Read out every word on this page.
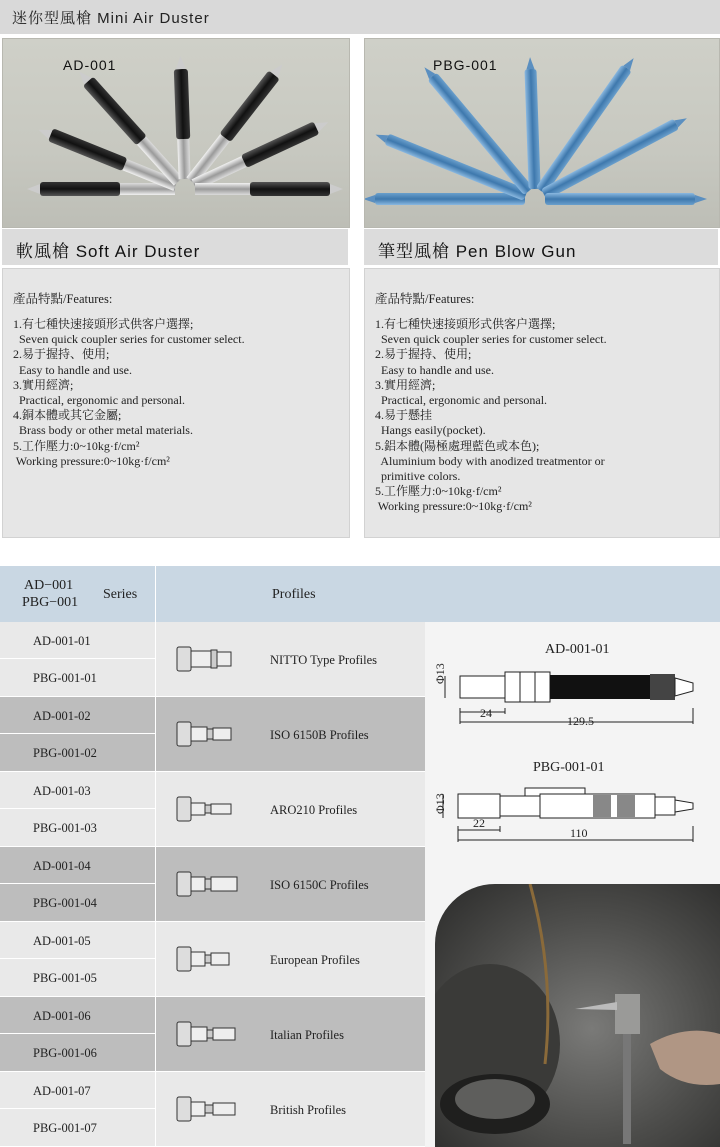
迷你型風槍 Mini Air Duster
AD-001	PBG-001
軟風槍 Soft Air Duster	筆型風槍 Pen Blow Gun
產品特點/Features:
1.有七種快速接頭形式供客户選擇;
Seven quick coupler series for customer select.
2.易于握持、使用;
Easy to handle and use.
3.實用經濟;
Practical, ergonomic and personal.
4.銅本體或其它金屬;
Brass body or other metal materials.
5.工作壓力:0~10kg·f/cm²
Working pressure:0~10kg·f/cm²
產品特點/Features:
1.有七種快速接頭形式供客户選擇;
Seven quick coupler series for customer select.
2.易于握持、使用;
Easy to handle and use.
3.實用經濟;
Practical, ergonomic and personal.
4.易于懸挂
Hangs easily(pocket).
5.鋁本體(陽極處理藍色或本色);
Aluminium body with anodized treatmentor or
primitive colors.
5.工作壓力:0~10kg·f/cm²
Working pressure:0~10kg·f/cm²
AD−001
PBG−001
Series	Profiles
AD-001-01
PBG-001-01
NITTO Type Profiles
AD-001-02
PBG-001-02
ISO 6150B Profiles
AD-001-03
PBG-001-03
ARO210 Profiles
AD-001-04
PBG-001-04
ISO 6150C Profiles
AD-001-05
PBG-001-05
European Profiles
AD-001-06
PBG-001-06
Italian Profiles
AD-001-07
PBG-001-07
British Profiles
AD-001-01
Φ13
24
129.5
PBG-001-01
Φ13
22
110
